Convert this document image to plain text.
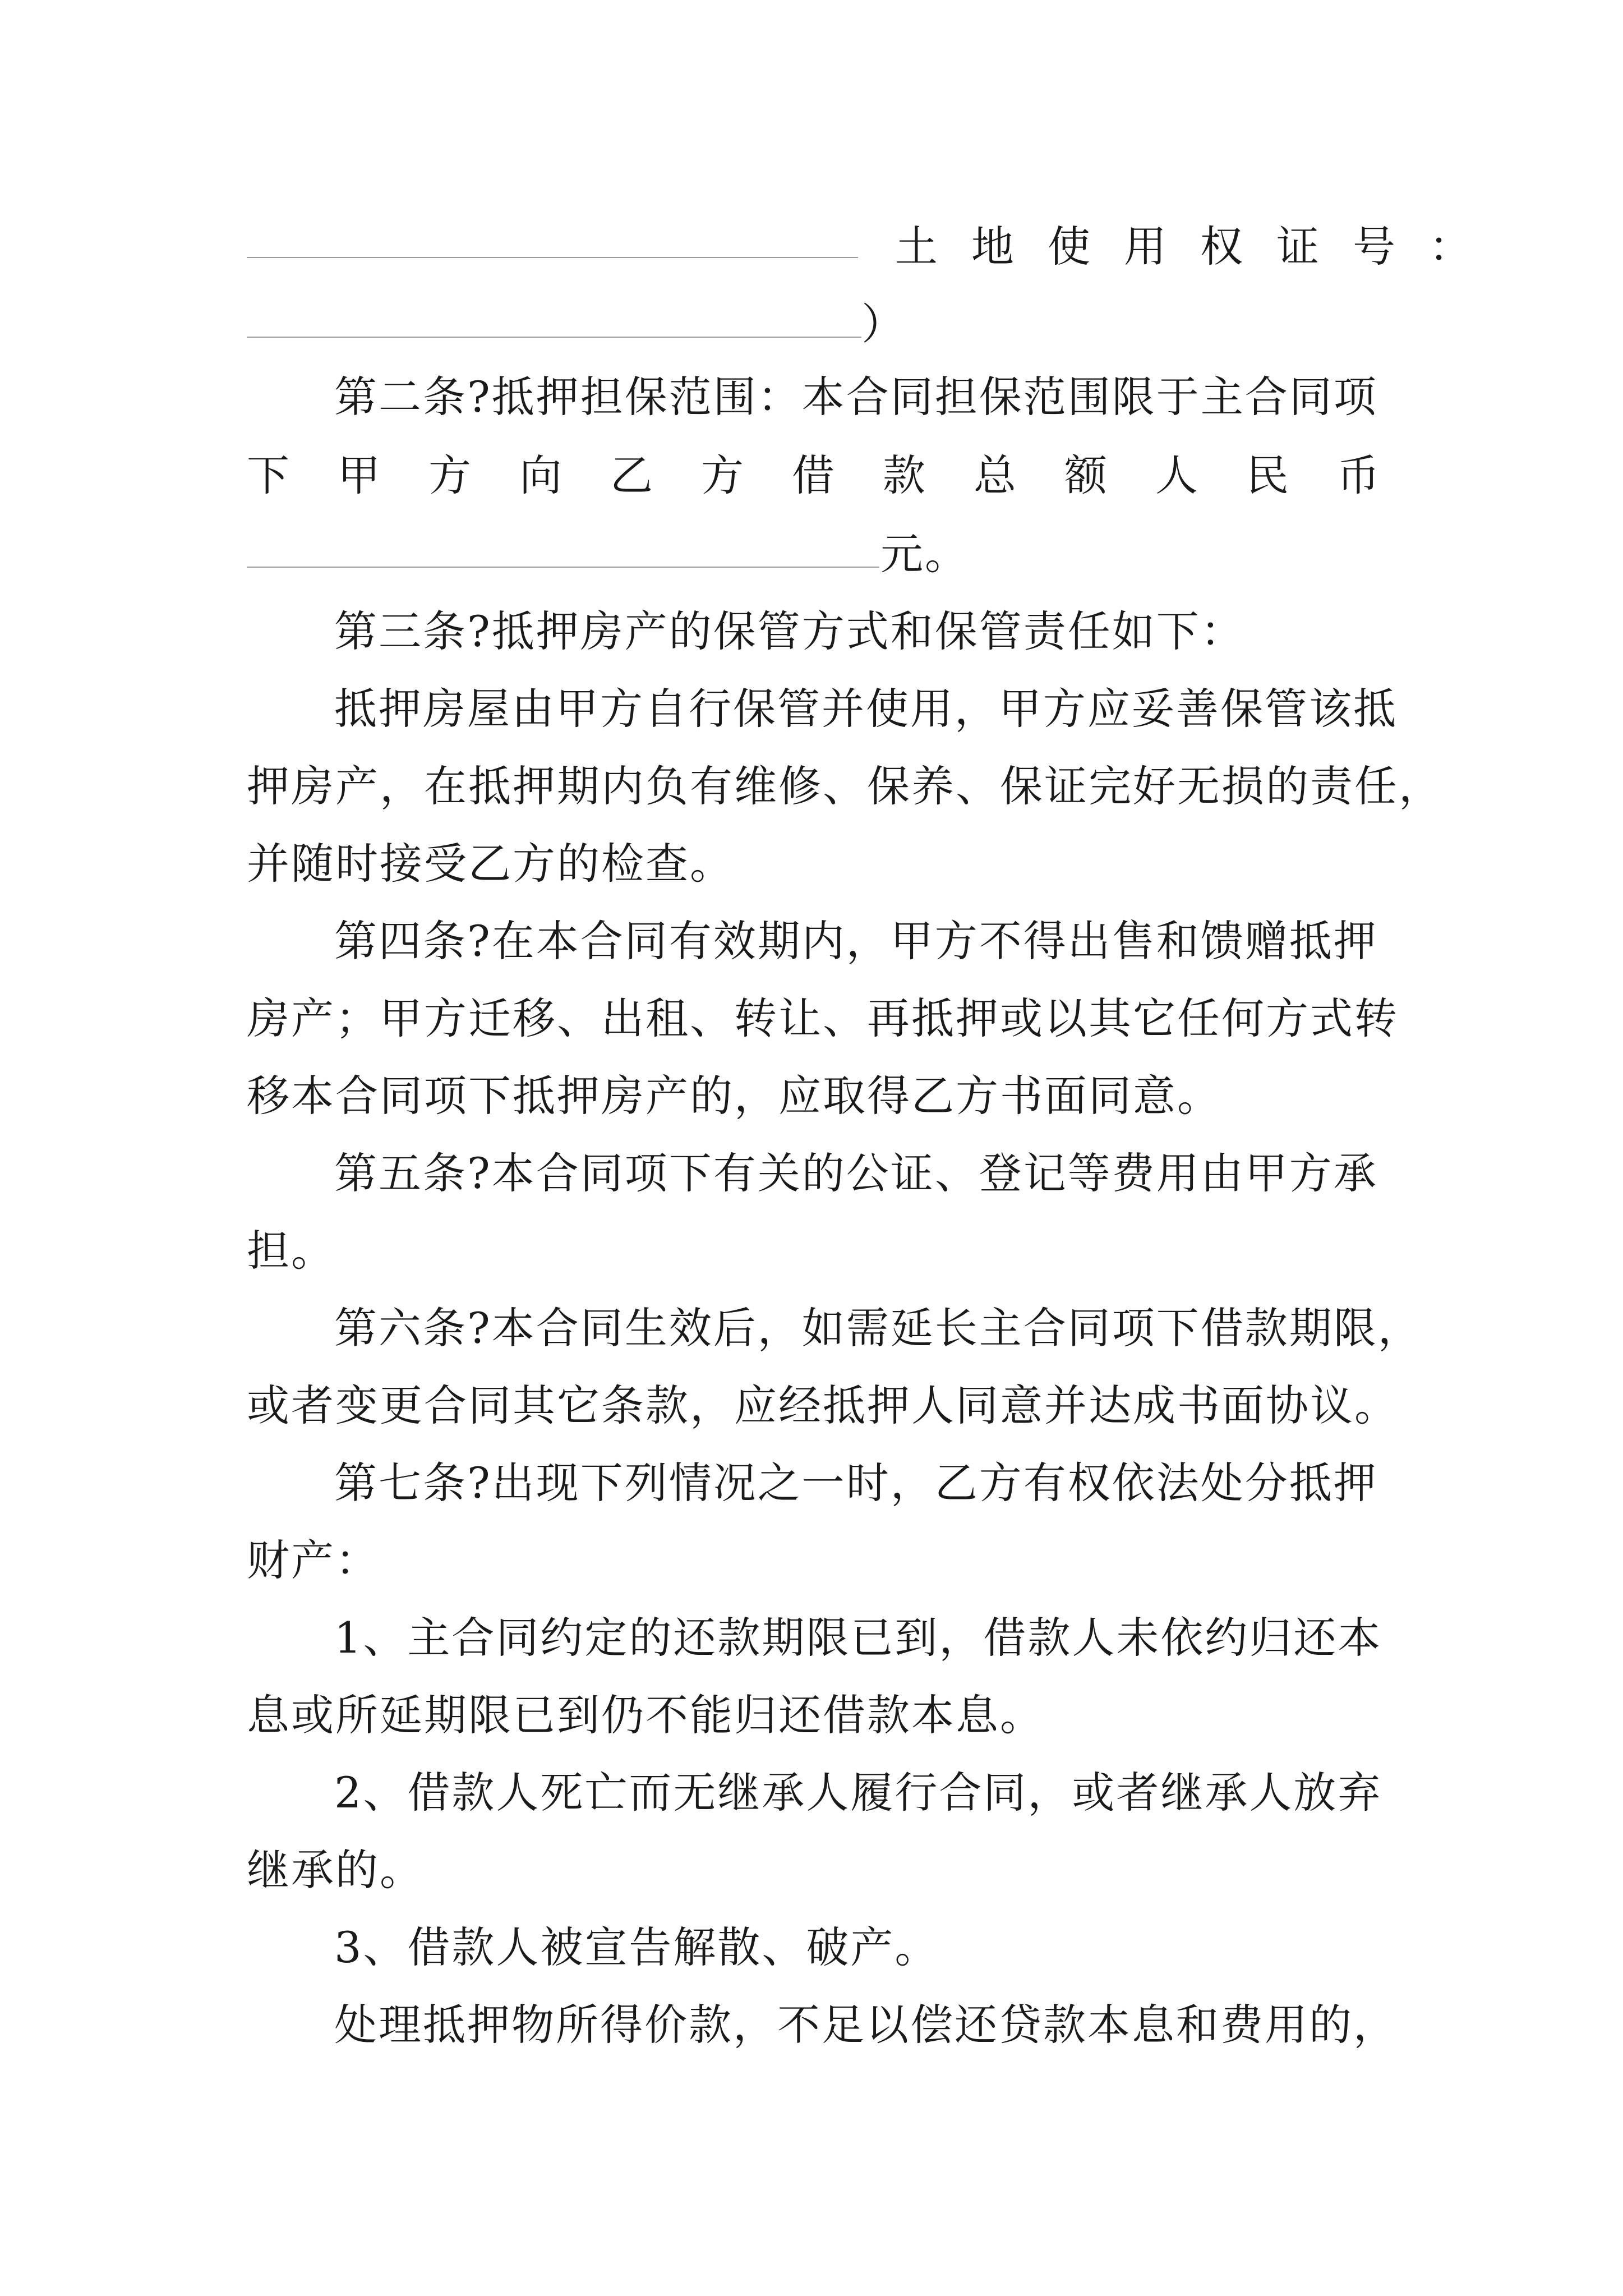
土地使用权证号：
）
第二条?抵押担保范围：本合同担保范围限于主合同项
下甲方向乙方借款总额人民币
元。
第三条?抵押房产的保管方式和保管责任如下：
抵押房屋由甲方自行保管并使用，甲方应妥善保管该抵
押房产，在抵押期内负有维修、保养、保证完好无损的责任，
并随时接受乙方的检查。
第四条?在本合同有效期内，甲方不得出售和馈赠抵押
房产；甲方迁移、出租、转让、再抵押或以其它任何方式转
移本合同项下抵押房产的，应取得乙方书面同意。
第五条?本合同项下有关的公证、登记等费用由甲方承
担。
第六条?本合同生效后，如需延长主合同项下借款期限，
或者变更合同其它条款，应经抵押人同意并达成书面协议。
第七条?出现下列情况之一时，乙方有权依法处分抵押
财产：
1、主合同约定的还款期限已到，借款人未依约归还本
息或所延期限已到仍不能归还借款本息。
2、借款人死亡而无继承人履行合同，或者继承人放弃
继承的。
3、借款人被宣告解散、破产。
处理抵押物所得价款，不足以偿还贷款本息和费用的，
